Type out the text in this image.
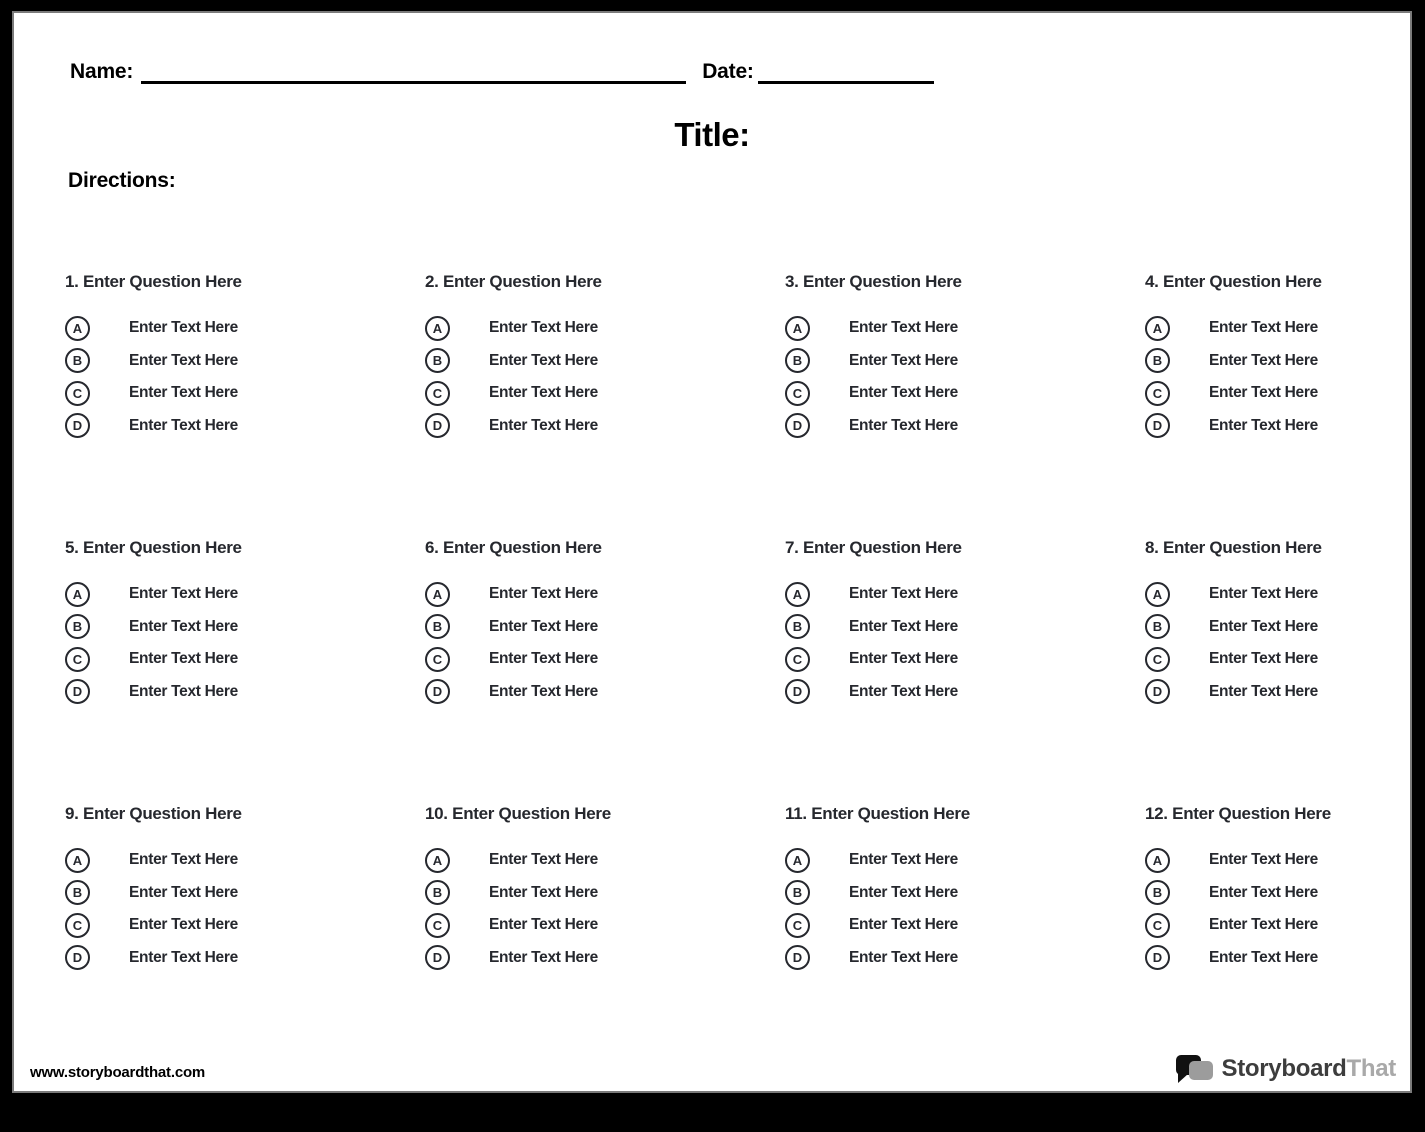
Name:	Date:
Title:
Directions:
1. Enter Question Here
A	Enter Text Here
B	Enter Text Here
C	Enter Text Here
D	Enter Text Here
2. Enter Question Here
A	Enter Text Here
B	Enter Text Here
C	Enter Text Here
D	Enter Text Here
3. Enter Question Here
A	Enter Text Here
B	Enter Text Here
C	Enter Text Here
D	Enter Text Here
4. Enter Question Here
A	Enter Text Here
B	Enter Text Here
C	Enter Text Here
D	Enter Text Here
5. Enter Question Here
A	Enter Text Here
B	Enter Text Here
C	Enter Text Here
D	Enter Text Here
6. Enter Question Here
A	Enter Text Here
B	Enter Text Here
C	Enter Text Here
D	Enter Text Here
7. Enter Question Here
A	Enter Text Here
B	Enter Text Here
C	Enter Text Here
D	Enter Text Here
8. Enter Question Here
A	Enter Text Here
B	Enter Text Here
C	Enter Text Here
D	Enter Text Here
9. Enter Question Here
A	Enter Text Here
B	Enter Text Here
C	Enter Text Here
D	Enter Text Here
10. Enter Question Here
A	Enter Text Here
B	Enter Text Here
C	Enter Text Here
D	Enter Text Here
11. Enter Question Here
A	Enter Text Here
B	Enter Text Here
C	Enter Text Here
D	Enter Text Here
12. Enter Question Here
A	Enter Text Here
B	Enter Text Here
C	Enter Text Here
D	Enter Text Here
www.storyboardthat.com	StoryboardThat
